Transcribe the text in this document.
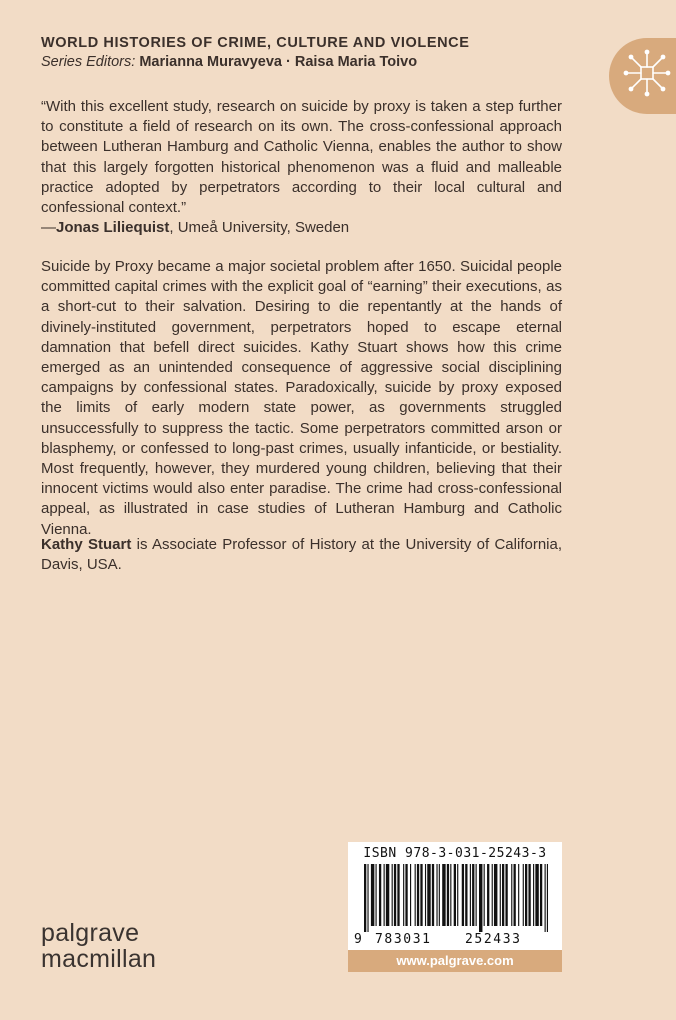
WORLD HISTORIES OF CRIME, CULTURE AND VIOLENCE
Series Editors: Marianna Muravyeva · Raisa Maria Toivo
“With this excellent study, research on suicide by proxy is taken a step further to constitute a field of research on its own. The cross-confessional approach between Lutheran Hamburg and Catholic Vienna, enables the author to show that this largely forgotten historical phenomenon was a fluid and malleable practice adopted by perpetrators according to their local cultural and confessional context.”
—Jonas Liliequist, Umeå University, Sweden
Suicide by Proxy became a major societal problem after 1650. Suicidal people committed capital crimes with the explicit goal of “earning” their executions, as a short-cut to their salvation. Desiring to die repentantly at the hands of divinely-instituted government, perpetrators hoped to escape eternal damnation that befell direct suicides. Kathy Stuart shows how this crime emerged as an unintended consequence of aggressive social disciplining campaigns by confessional states. Paradoxically, suicide by proxy exposed the limits of early modern state power, as governments struggled unsuccessfully to suppress the tactic. Some perpetrators committed arson or blasphemy, or confessed to long-past crimes, usually infanticide, or bestiality. Most frequently, however, they murdered young children, believing that their innocent victims would also enter paradise. The crime had cross-confessional appeal, as illustrated in case studies of Lutheran Hamburg and Catholic Vienna.
Kathy Stuart is Associate Professor of History at the University of California, Davis, USA.
ISBN 978-3-031-25243-3
9 783031	252433
www.palgrave.com
palgrave
macmillan
